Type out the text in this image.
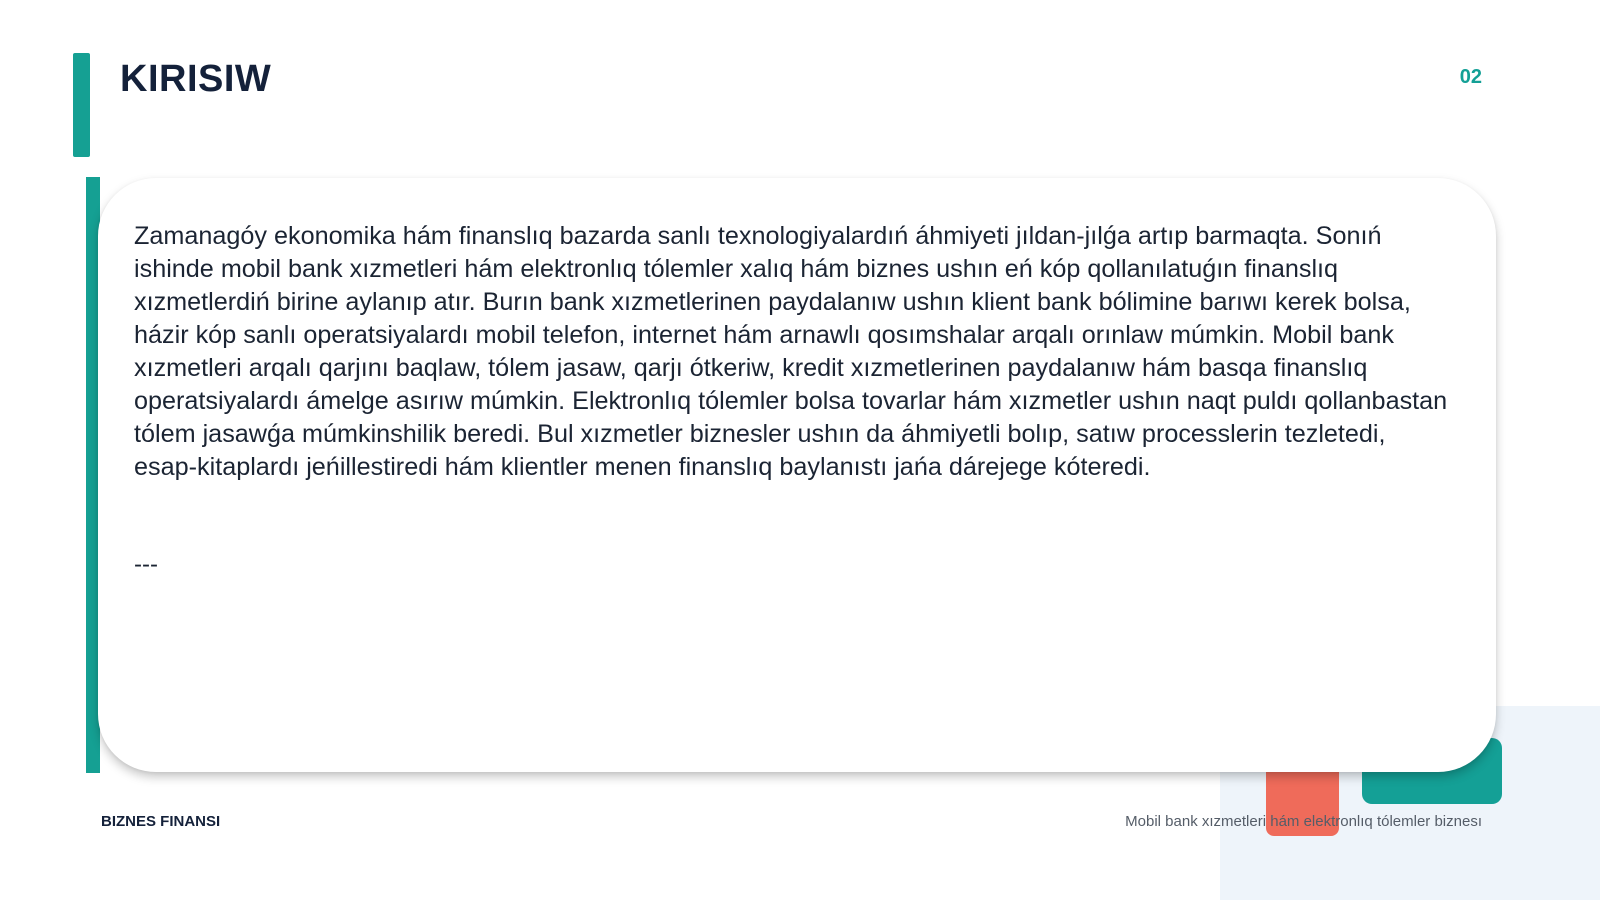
KIRISIW	02

Zamanagóy ekonomika hám finanslıq bazarda sanlı texnologiyalardıń áhmiyeti jıldan-jılǵa artıp barmaqta. Sonıń ishinde mobil bank xızmetleri hám elektronlıq tólemler xalıq hám biznes ushın eń kóp qollanılatuǵın finanslıq xızmetlerdiń birine aylanıp atır. Burın bank xızmetlerinen paydalanıw ushın klient bank bólimine barıwı kerek bolsa, házir kóp sanlı operatsiyalardı mobil telefon, internet hám arnawlı qosımshalar arqalı orınlaw múmkin. Mobil bank xızmetleri arqalı qarjını baqlaw, tólem jasaw, qarjı ótkeriw, kredit xızmetlerinen paydalanıw hám basqa finanslıq operatsiyalardı ámelge asırıw múmkin. Elektronlıq tólemler bolsa tovarlar hám xızmetler ushın naqt puldı qollanbastan tólem jasawǵa múmkinshilik beredi. Bul xızmetler biznesler ushın da áhmiyetli bolıp, satıw processlerin tezletedi, esap-kitaplardı jeńillestiredi hám klientler menen finanslıq baylanıstı jańa dárejege kóteredi.

---

BIZNES FINANSI	Mobil bank xızmetleri hám elektronlıq tólemler biznesı
